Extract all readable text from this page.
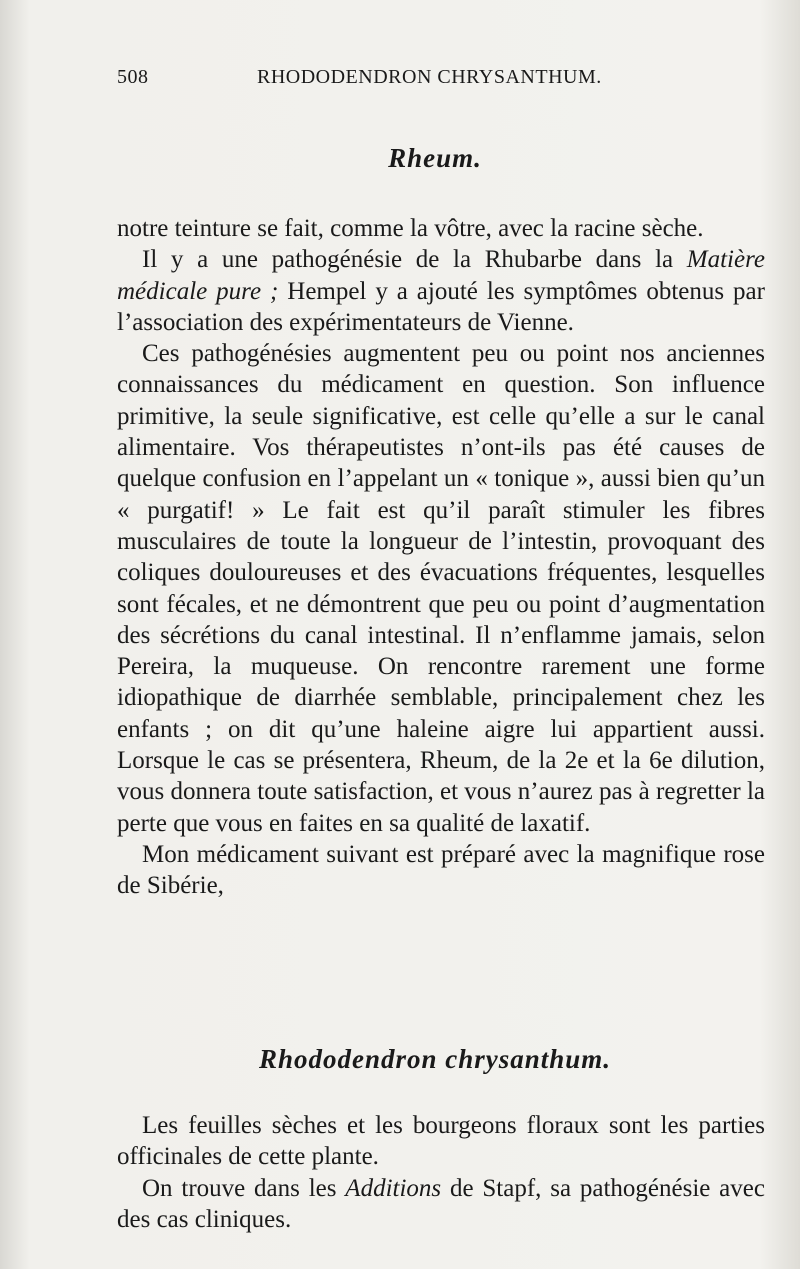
508	RHODODENDRON CHRYSANTHUM.
Rheum.

notre teinture se fait, comme la vôtre, avec la racine sèche.

Il y a une pathogénésie de la Rhubarbe dans la Matière médicale pure ; Hempel y a ajouté les symptômes obtenus par l’association des expérimentateurs de Vienne.

Ces pathogénésies augmentent peu ou point nos anciennes connaissances du médicament en question. Son influence primitive, la seule significative, est celle qu’elle a sur le canal alimentaire. Vos thérapeutistes n’ont-ils pas été causes de quelque confusion en l’appelant un « tonique », aussi bien qu’un « purgatif! » Le fait est qu’il paraît stimuler les fibres musculaires de toute la longueur de l’intestin, provoquant des coliques douloureuses et des évacuations fréquentes, lesquelles sont fécales, et ne démontrent que peu ou point d’augmentation des sécrétions du canal intestinal. Il n’enflamme jamais, selon Pereira, la muqueuse. On rencontre rarement une forme idiopathique de diarrhée semblable, principalement chez les enfants ; on dit qu’une haleine aigre lui appartient aussi. Lorsque le cas se présentera, Rheum, de la 2e et la 6e dilution, vous donnera toute satisfaction, et vous n’aurez pas à regretter la perte que vous en faites en sa qualité de laxatif.

Mon médicament suivant est préparé avec la magnifique rose de Sibérie,

Rhododendron chrysanthum.

Les feuilles sèches et les bourgeons floraux sont les parties officinales de cette plante.

On trouve dans les Additions de Stapf, sa pathogénésie avec des cas cliniques.
